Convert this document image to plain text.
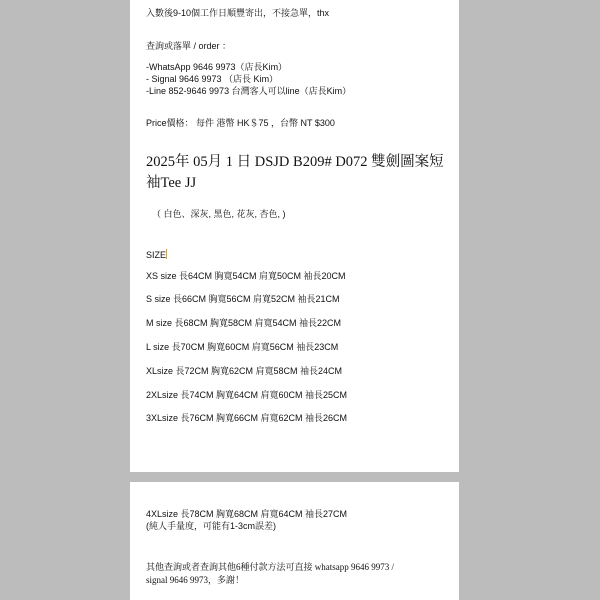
入數後9-10個工作日順豐寄出，不接急單，thx
查詢或落單 / order ：
-WhatsApp 9646 9973（店長Kim）
- Signal 9646 9973 （店長 Kim）
-Line 852-9646 9973 台灣客人可以line（店長Kim）
Price價格： 每件 港幣 HK＄75 ，台幣 NT $300
2025年 05月 1 日 DSJD B209# D072 雙劍圖案短袖Tee JJ
（ 白色、深灰, 黑色, 花灰, 杏色, )
SIZE
XS size 長64CM 胸寬54CM 肩寬50CM 袖長20CM
S size 長66CM 胸寬56CM 肩寬52CM 袖長21CM
M size 長68CM 胸寬58CM 肩寬54CM 袖長22CM
L size 長70CM 胸寬60CM 肩寬56CM 袖長23CM
XLsize 長72CM 胸寬62CM 肩寬58CM 袖長24CM
2XLsize 長74CM 胸寬64CM 肩寬60CM 袖長25CM
3XLsize 長76CM 胸寬66CM 肩寬62CM 袖長26CM
4XLsize 長78CM 胸寬68CM 肩寬64CM 袖長27CM
(純人手量度，可能有1-3cm誤差)
其他查詢或者查詢其他6種付款方法可直接 whatsapp 9646 9973 /
signal 9646 9973，多謝！
